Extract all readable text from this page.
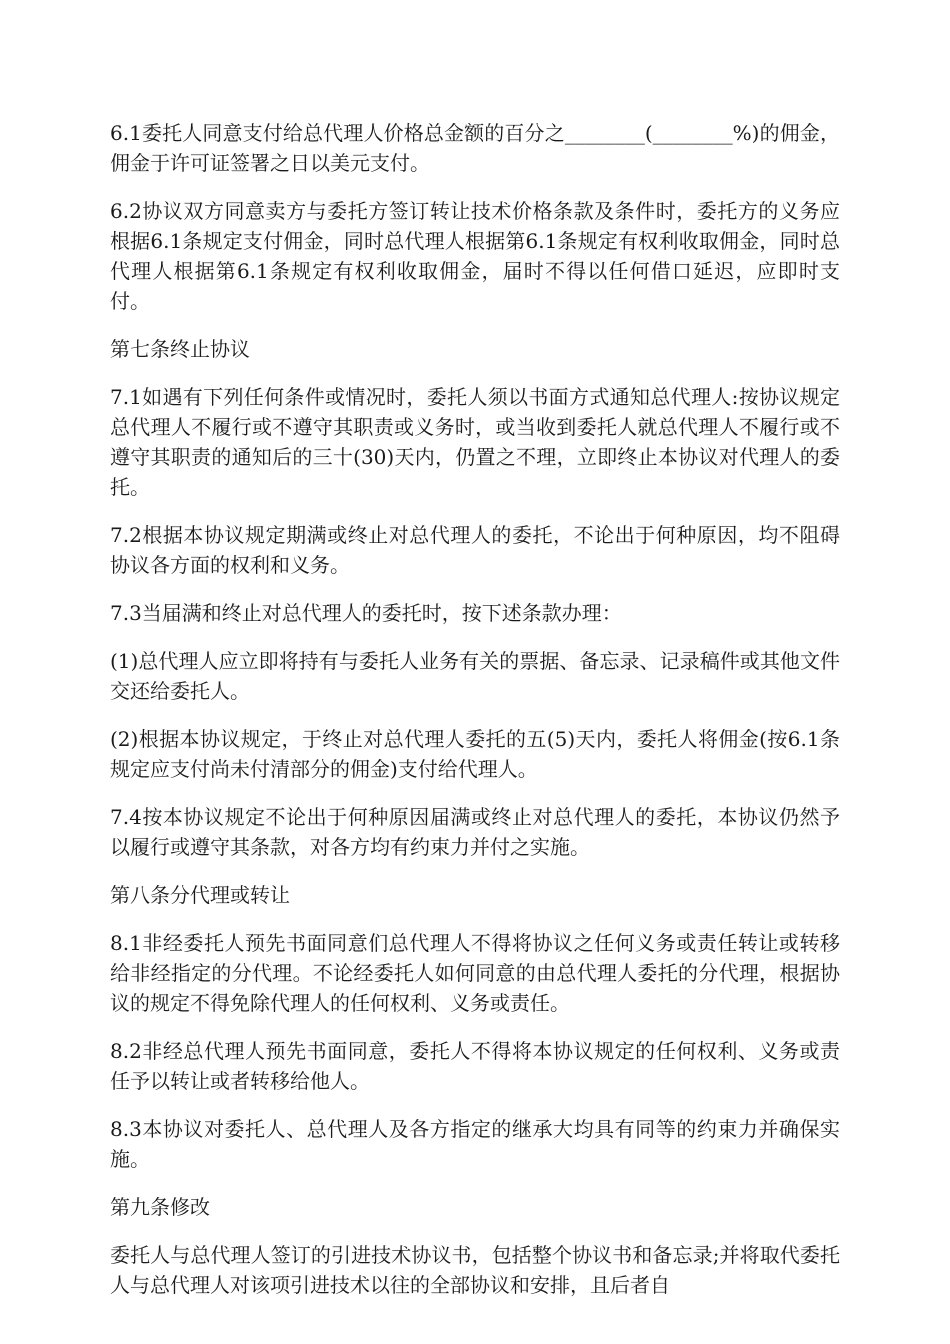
6.1委托人同意支付给总代理人价格总金额的百分之________(________%)的佣金，佣金于许可证签署之日以美元支付。

6.2协议双方同意卖方与委托方签订转让技术价格条款及条件时，委托方的义务应根据6.1条规定支付佣金，同时总代理人根据第6.1条规定有权利收取佣金，同时总代理人根据第6.1条规定有权利收取佣金，届时不得以任何借口延迟，应即时支付。

第七条终止协议

7.1如遇有下列任何条件或情况时，委托人须以书面方式通知总代理人:按协议规定总代理人不履行或不遵守其职责或义务时，或当收到委托人就总代理人不履行或不遵守其职责的通知后的三十(30)天内，仍置之不理，立即终止本协议对代理人的委托。

7.2根据本协议规定期满或终止对总代理人的委托，不论出于何种原因，均不阻碍协议各方面的权利和义务。

7.3当届满和终止对总代理人的委托时，按下述条款办理：

(1)总代理人应立即将持有与委托人业务有关的票据、备忘录、记录稿件或其他文件交还给委托人。

(2)根据本协议规定，于终止对总代理人委托的五(5)天内，委托人将佣金(按6.1条规定应支付尚未付清部分的佣金)支付给代理人。

7.4按本协议规定不论出于何种原因届满或终止对总代理人的委托，本协议仍然予以履行或遵守其条款，对各方均有约束力并付之实施。

第八条分代理或转让

8.1非经委托人预先书面同意们总代理人不得将协议之任何义务或责任转让或转移给非经指定的分代理。不论经委托人如何同意的由总代理人委托的分代理，根据协议的规定不得免除代理人的任何权利、义务或责任。

8.2非经总代理人预先书面同意，委托人不得将本协议规定的任何权利、义务或责任予以转让或者转移给他人。

8.3本协议对委托人、总代理人及各方指定的继承大均具有同等的约束力并确保实施。

第九条修改

委托人与总代理人签订的引进技术协议书，包括整个协议书和备忘录;并将取代委托人与总代理人对该项引进技术以往的全部协议和安排，且后者自
